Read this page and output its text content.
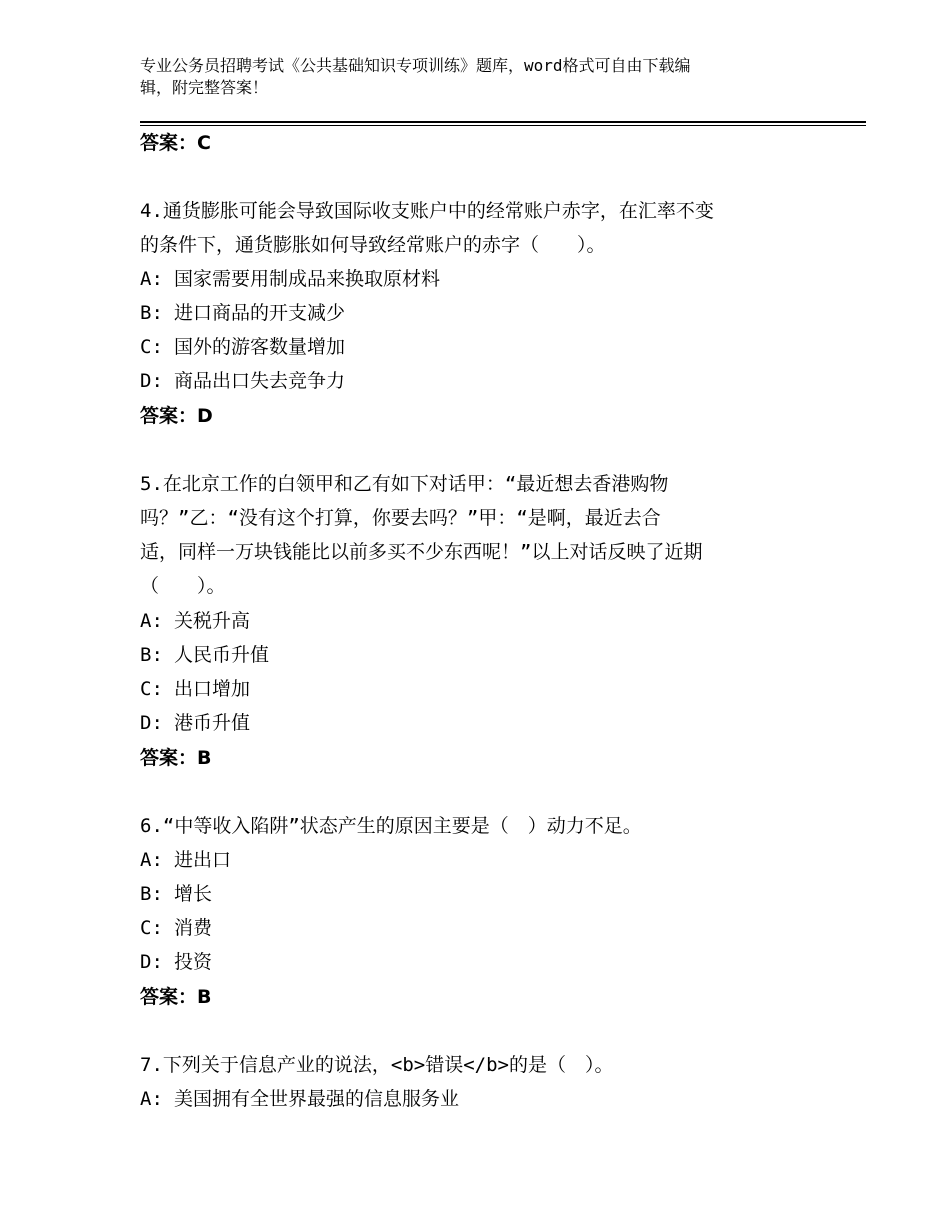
专业公务员招聘考试《公共基础知识专项训练》题库，word格式可自由下载编
辑，附完整答案！
答案：C
4.通货膨胀可能会导致国际收支账户中的经常账户赤字，在汇率不变
的条件下，通货膨胀如何导致经常账户的赤字（　　）。
A: 国家需要用制成品来换取原材料
B: 进口商品的开支减少
C: 国外的游客数量增加
D: 商品出口失去竞争力
答案：D
5.在北京工作的白领甲和乙有如下对话甲：“最近想去香港购物
吗？”乙：“没有这个打算，你要去吗？”甲：“是啊，最近去合
适，同样一万块钱能比以前多买不少东西呢！”以上对话反映了近期
（　　）。
A: 关税升高
B: 人民币升值
C: 出口增加
D: 港币升值
答案：B
6.“中等收入陷阱”状态产生的原因主要是（　）动力不足。
A: 进出口
B: 增长
C: 消费
D: 投资
答案：B
7.下列关于信息产业的说法，<b>错误</b>的是（　）。
A: 美国拥有全世界最强的信息服务业
